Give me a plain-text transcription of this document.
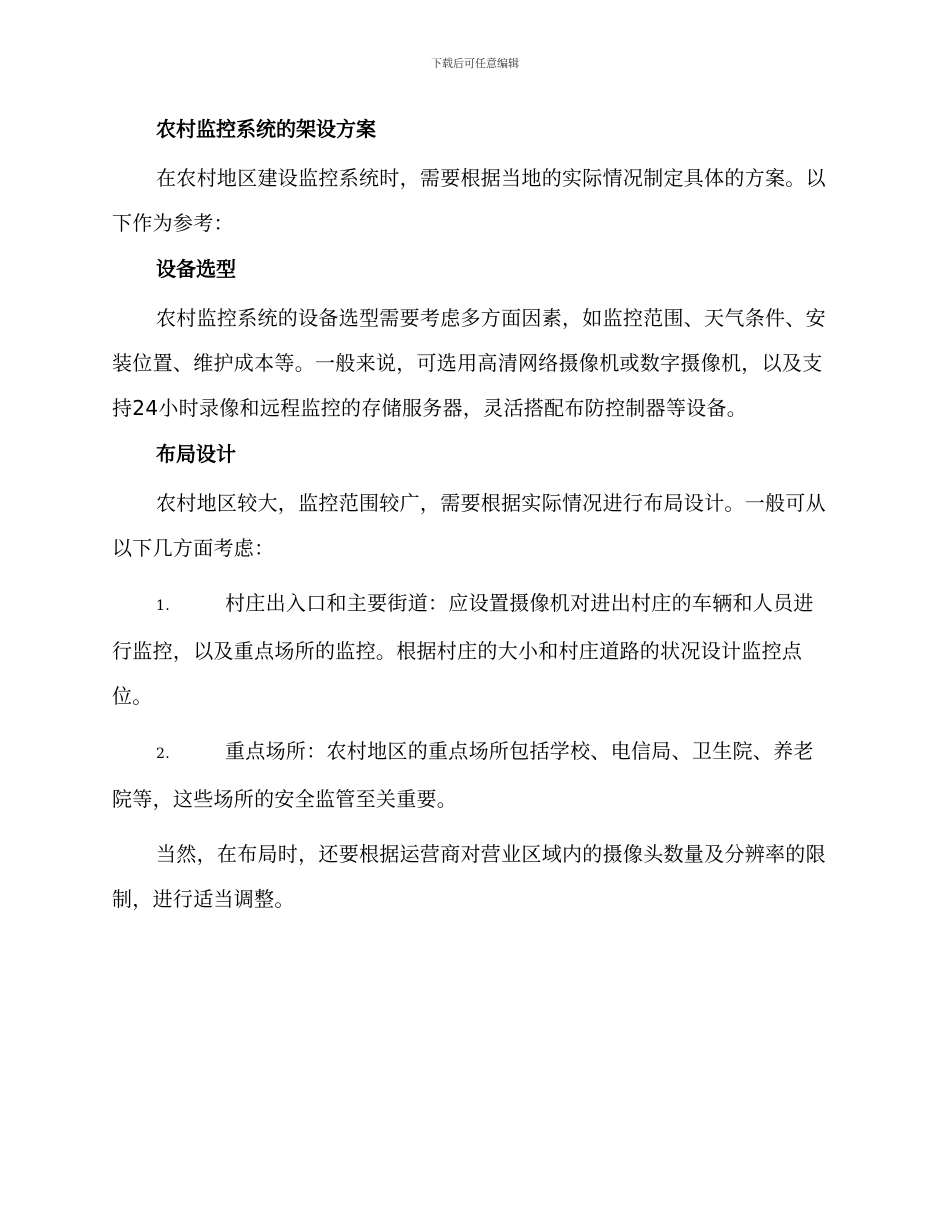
下载后可任意编辑

农村监控系统的架设方案

在农村地区建设监控系统时，需要根据当地的实际情况制定具体的方案。以下作为参考：

设备选型

农村监控系统的设备选型需要考虑多方面因素，如监控范围、天气条件、安装位置、维护成本等。一般来说，可选用高清网络摄像机或数字摄像机，以及支持24小时录像和远程监控的存储服务器，灵活搭配布防控制器等设备。

布局设计

农村地区较大，监控范围较广，需要根据实际情况进行布局设计。一般可从以下几方面考虑：

1.	村庄出入口和主要街道：应设置摄像机对进出村庄的车辆和人员进行监控，以及重点场所的监控。根据村庄的大小和村庄道路的状况设计监控点位。

2.	重点场所：农村地区的重点场所包括学校、电信局、卫生院、养老院等，这些场所的安全监管至关重要。

当然，在布局时，还要根据运营商对营业区域内的摄像头数量及分辨率的限制，进行适当调整。
